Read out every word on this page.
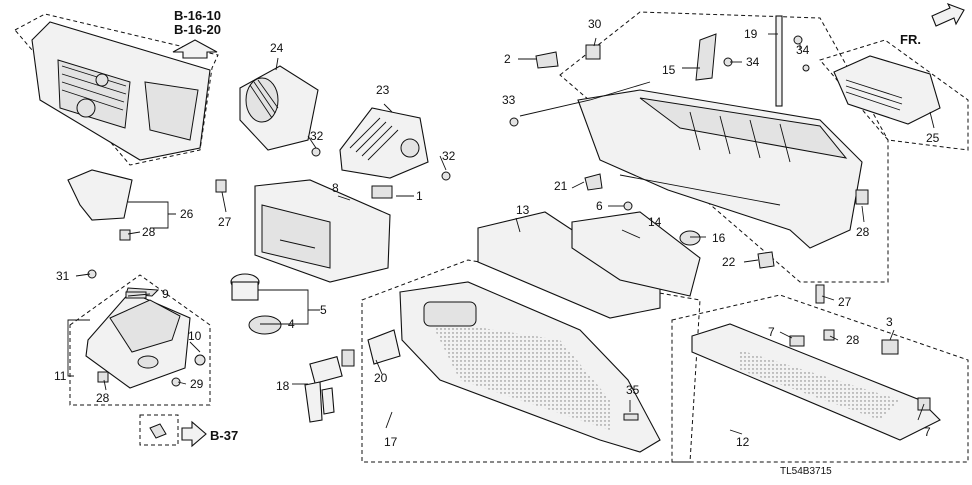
FR.
B-16-10
B-16-20
B-37
TL54B3715
1
2
3
4
5
6
7
7
8
9
10
11
12
13
14
15
16
17
18
19
20
21
22
23
24
25
26
27
27
28	28
28
28
29
30
31
32
32
33
34
34
35
